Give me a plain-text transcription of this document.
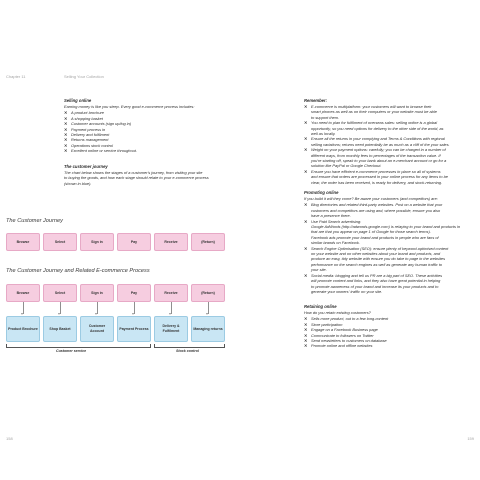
Chapter 11	Selling Your Collection

Selling online

Earning money is like you sleep. Every good e-commerce process includes:

✕ A product brochure
✕ A shopping basket
✕ Customer accounts (sign up/log in)
✕ Payment process in
✕ Delivery and fulfilment
✕ Returns management
✕ Operations stock control
✕ Excellent online or service throughout.

The customer journey

The chart below shows the stages of a customer's journey, from visiting your site

to buying the goods, and how each stage should relate to your e-commerce process

(shown in blue).

The Customer Journey
Browse	Select	Sign in	Pay	Receive	(Return)
The Customer Journey and Related E-commerce Process
Browse	Select	Sign in	Pay	Receive	(Return)
Product Brochure	Shop Basket
Customer Account
Payment Process
Delivery & Fulfilment
Managing returns
Customer service	Stock control
158

Remember:

✕ E-commerce is multiplatform: your customers will want to browse their
smart phones as well as on their computers or your website must be able
to support them.
✕ You need to plan for fulfilment of overseas sales: selling online is a global
opportunity, so you need options for delivery to the other side of the world, as
well as locally.
✕ Ensure all the returns in your complying and Terms & Conditions with regional
selling variations; returns need potentially be as much as a cliff of the your sales.
✕ Weight on your payment options: carefully; you can be charged in a number of
different ways, from monthly fees to percentages of the transaction value. If
you're starting off, speak to your bank about an e-merchant account or go for a
solution like PayPal or Google Checkout.
✕ Ensure you have efficient e-commerce processes in place so all of systems
and ensure that orders are processed in your online process for any items to be
clear, the order has been received, is ready for delivery, and stock-returning.

Promoting online

If you build it will they come? Be aware your customers (and competitors) are:

✕ Blog directories and related third-party websites. Post on a website that your
customers and competitors are using and, where possible, ensure you also
have a presence there.
✕ Use Paid Search advertising:
Google AdWords (http://adwords.google.com) is relaying to your brand and products in
that are that you appear on page 1 of Google for those search terms).
Facebook ads promote your brand and products in people who are fans of
similar brands on Facebook.
✕ Search Engine Optimisation (SEO): ensure plenty of keyword-optimised content
on your website and on other websites about your brand and products, and
produce an easy, tidy website with ensure you do take to page in the websites
performance on the search engines as well as generate any human traffic to
your site.
✕ Social media: blogging and tell us PR are a big part of SEO. These activities
will promote content and links, and they also have great potential in helping
to promote awareness of your brand and increase its your products and to
generate your owners' traffic on your site.

Retaining online

How do you retain existing customers?

✕ Sells more product, out to a few long-content
✕ Store participation
✕ Engage on a Facebook Business page
✕ Communicate to followers on Twitter
✕ Send newsletters to customers on database
✕ Promote online and offline websites
159
